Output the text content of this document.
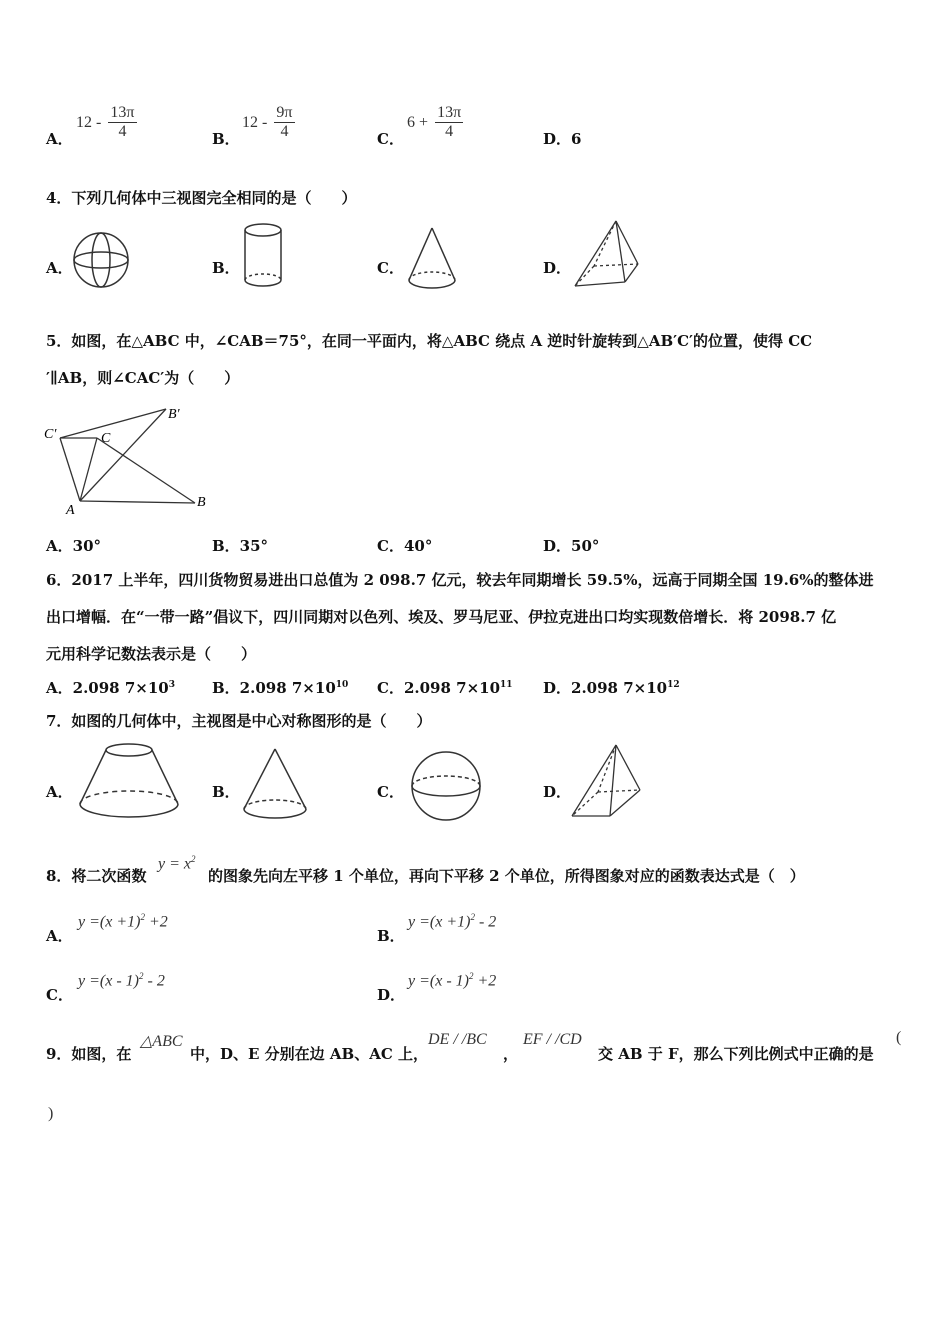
A．
$12 - \frac{13\pi}{4}$	B．
$12 - \frac{9\pi}{4}$	C．
$6 + \frac{13\pi}{4}$	D．6
4．下列几何体中三视图完全相同的是（　　）
A．	B．	C．	D．
5．如图，在△ABC 中，∠CAB＝75°，在同一平面内，将△ABC 绕点 A 逆时针旋转到△AB′C′的位置，使得 CC
′∥AB，则∠CAC′为（　　）
C′	C
B′
A
B
A．30°	B．35°	C．40°	D．50°
6．2017 上半年，四川货物贸易进出口总值为 2 098.7 亿元，较去年同期增长 59.5%，远高于同期全国 19.6%的整体进
出口增幅．在“一带一路”倡议下，四川同期对以色列、埃及、罗马尼亚、伊拉克进出口均实现数倍增长．将 2098.7 亿
元用科学记数法表示是（　　）
A．2.098 $7\times 10^3$ B．2.098 $7\times 10^{10}$ C．2.098 $7\times 10^{11}$ D．2.098 $7\times 10^{12}$
7．如图的几何体中，主视图是中心对称图形的是（　　）
A．	B．	C．	D．
8．将二次函数
$y = x^2$
的图象先向左平移 1 个单位，再向下平移 2 个单位，所得图象对应的函数表达式是（　）
A．
$y =(x +1)^2 +2$
B．
$y =(x +1)^2 - 2$
C．
y =(x - 1)$^2$ - 2
D．
y =(x - 1)$^2$ +2
9．如图，在
△ABC
中，D、E 分别在边 AB、AC 上，
DE / /BC
，
EF / /CD
交 AB 于 F，那么下列比例式中正确的是
(
)
